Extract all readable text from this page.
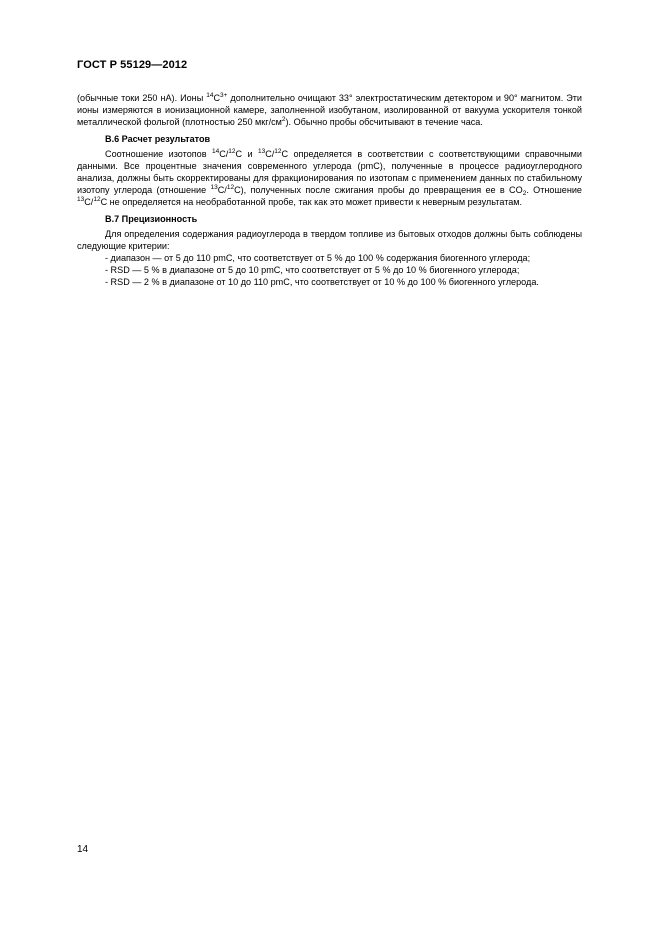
ГОСТ Р 55129—2012

(обычные токи 250 нА). Ионы $^{14}C^{3+}$ дополнительно очищают 33° электростатическим детектором и 90° магнитом. Эти ионы измеряются в ионизационной камере, заполненной изобутаном, изолированной от вакуума ускорителя тонкой металлической фольгой (плотностью 250 мкг/$см^2$). Обычно пробы обсчитывают в течение часа.

В.6 Расчет результатов

Соотношение изотопов $^{14}$C/$^{12}$C и $^{13}$C/$^{12}$C определяется в соответствии с соответствующими справочными данными. Все процентные значения современного углерода (pmC), полученные в процессе радиоуглеродного анализа, должны быть скорректированы для фракционирования по изотопам с применением данных по стабильному изотопу углерода (отношение $^{13}$C/$^{12}$C), полученных после сжигания пробы до превращения ее в $CO_2$. Отношение $^{13}$C/$^{12}$C не определяется на необработанной пробе, так как это может привести к неверным результатам.

В.7 Прецизионность

Для определения содержания радиоуглерода в твердом топливе из бытовых отходов должны быть соблюдены следующие критерии:

- диапазон — от 5 до 110 pmC, что соответствует от 5 % до 100 % содержания биогенного углерода;

- RSD — 5 % в диапазоне от 5 до 10 pmC, что соответствует от 5 % до 10 % биогенного углерода;

- RSD — 2 % в диапазоне от 10 до 110 pmC, что соответствует от 10 % до 100 % биогенного углерода.

14
